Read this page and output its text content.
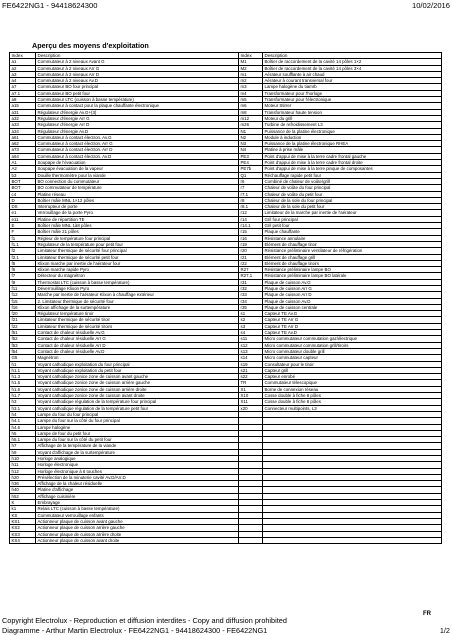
FE6422NG1 - 94418624300	10/02/2016
Aperçu des moyens d'exploitation
Index	Description	Index	Description
a1	Commutateur à 2 niveaux Avant G	M1	Boîtier de raccordement de la cavité 14 pôles 1×2
a2	Commutateur à 2 niveaux Arr G	M2	Boîtier de raccordement de la cavité 14 pôles 3×4
a3	Commutateur à 2 niveaux Arr D	m1	Aérateur soufflante à air chaud
a4	Commutateur à 2 niveaux Av.D	m2	Aérateur à courant transversal four
a7	Commutateur BO four principal	m3	Lampe halogène du tiamrb
a7.1	Commutateur BO petit four	m4	Transformateur pour l'horloge
a8	Commutateur LTC (cuisson à basse température)	m5	Transformateur pour l'électronique
a15	Commutateur à contact pour la plaque chauffante électronique	m6	Moteur Stirrer
a31	Régulateur d'énergie Av.G+(3)	m8	Transformateur haute tension
a32	Régulateur d'énergie Arr G	m12	Moteur du grill
a33	Régulateur d'énergie Arr D	m26	Turbine de refroidissement L3
a34	Régulateur d'énergie Av.D	N1	Puissance de la platine électronique
a61	Commutateur à contact électron. Av.G	N2	Module à induction
a62	Commutateur à contact électron. Arr G	N3	Puissance de la platine électronique RHEA
a73	Commutateur à contact électron. Arr D	N4	Platine à prise mâle
a64	Commutateur à contact électron. Av.D	PE3	Point d'appui de mise à la terre cadre frontal gauche
A1	Soupape de l'évacuation	PE4	Point d'appui de mise à la terre cadre frontal droite
A2	Soupape évacuation de la vapeur	PE7b	Point d'appui de mise à la terre pinque de composantes
b3	Douille thermomètre pour la viande	Q1	Réchauffage rapide petit four
BOT	BO connection du commutateur	r6	Combiné de chaleur de voûte/grill
BOT	BO commutateur de température	r7	Chaleur de voûte du four principal
c4	Platine réseau	r7.1	Chaleur de voûte du petit four
D	Boîtier mâle MNL 1×12 pôles	r8	Chaleur de la sole du four principal
DS	Interrupteur de porte	r8.1	Chaleur de la sole du petit four
e1	Verrouillage de la porte Pyro	r12	Limitateur de la marche par inertie de l'aérateur
e11	Platine de répartition TE	r14	Gril four principal
E	Boîtier mâle MNL 1à8 pôles	r14.1	Gril petit four
F	Boîtier mâle 21 pôles	r15	Plaque chauffante
f1	Régleur de température four principal	r16	Résistance annulaire
f1.1	Régulateur de la température pour petit four	r19	Elément de chauffage tiroir
f2	Limitateur thermique de sécurité four principal	r20	Résistance préliminaire ventilateur de réfrigération
f2.1	Limitateur thermique de sécurité petit four	r21	Elément de chauffage grill
f5	Klixon marche par inertie de l'aérateur four	r22	Elément de chauffage tiroirs
f6	Klixon marche rapide Pyro	R27	Résistance préliminaire lampe BO
f7	Détecteur du magnétron	R27.1	Résistance préliminaire lampe BO latérale
f8	Thermostat LTC (cuisson à basse température)	r31	Plaque de cuisson Av.G
f11	Déverrouillage Klixon Pyro	r32	Plaque de cuisson Arr G
f12	Marche par inertie de l'aérateur Klixon à chauffage extérieur	r33	Plaque de cuisson Arr D
f15	2. Limitateur thermique de sécurité four	r34	Plaque de cuisson Av.D
f16	Klixon affichage de la surtempérature	r35	Plaque de cuisson centrale
f20	Régulateur température tiroir	s1	Capteur TE Av.G
f21	Limitateur thermique de sécurité tiroir	s2	Capteur TE Arr G
f22	Limitateur thermique de sécurité tiroirs	s3	Capteur TE Arr D
f51	Contact de chaleur résiduelle Av.G	s4	Capteur TE Av.D
f52	Contact de chaleur résiduelle Arr G	s11	Micro commutateur commutation gaz/électrique
f53	Contact de chaleur résiduelle Arr D	s12	Micro commutateur commutation grill/tiroirs
f54	Contact de chaleur résiduelle Av.D	s13	Micro commutateur double grill
G5	Magnétron	s14	Micro commutateur capteur
h1	Voyant cathodique exploitation du four principal	s19	Consultateur pour le tiroir
h1.1	Voyant cathodique exploitation du petit four	s21	Capteur grill
h1.3	Voyant cathodique zonice zone de cuisson avant gauche	s22	Capteur enrobé
h1.5	Voyant cathodique zonice zone de cuisson arrière gauche	TR	Commutateur télescopique
h1.6	Voyant cathodique zonice zone de cuisson arrière droite	X1	Borne de connexion réseau
h1.7	Voyant cathodique zonice zone de cuisson avant droite	X10	Cosse double à fiche 8 pôles
h3	Voyant cathodique régulation de la température four principal	X11	Cosse double à fiche 8 pôles
h3.1	Voyant cathodique régulation de la température petit four	x20	Connecteur multipoints, L3
h4	Lampe du four du four principal		
h4.1	Lampe du four sur la côté du four principal		
h4.6	Lampe halogène		
h5	Lampe de four du petit four		
h5.1	Lampe du four sur la côté du petit four		
h7	Affichage de la température de la viande		
h9	Voyant d'affichage de la surtempérature		
h10	Horloge analogique		
h11	Horloge électronique		
h12	Horloge électronique à 6 touches		
h20	Présélection de la minuterie cavité Av.D/Arr.D		
h36	Affichage de la chaleur résiduelle		
h40	Platine d'affichage		
h52	Affichage cuisinière		
K	Embrayage		
k1	Relais LTC (cuisson à basse température)		
KS	Commutateur verrouillage enfants		
KS1	Actionneur plaque de cuisson avant gauche		
KS2	Actionneur plaque de cuisson arrière gauche		
KS3	Actionneur plaque de cuisson arrière droite		
KS4	Actionneur plaque de cuisson avant droite		
FR
Copyright Electrolux - Reproduction et diffusion interdites - Copy and diffusion prohibited
Diagramme - Arthur Martin Electrolux - FE6422NG1 - 94418624300 - FE6422NG1	1/2
